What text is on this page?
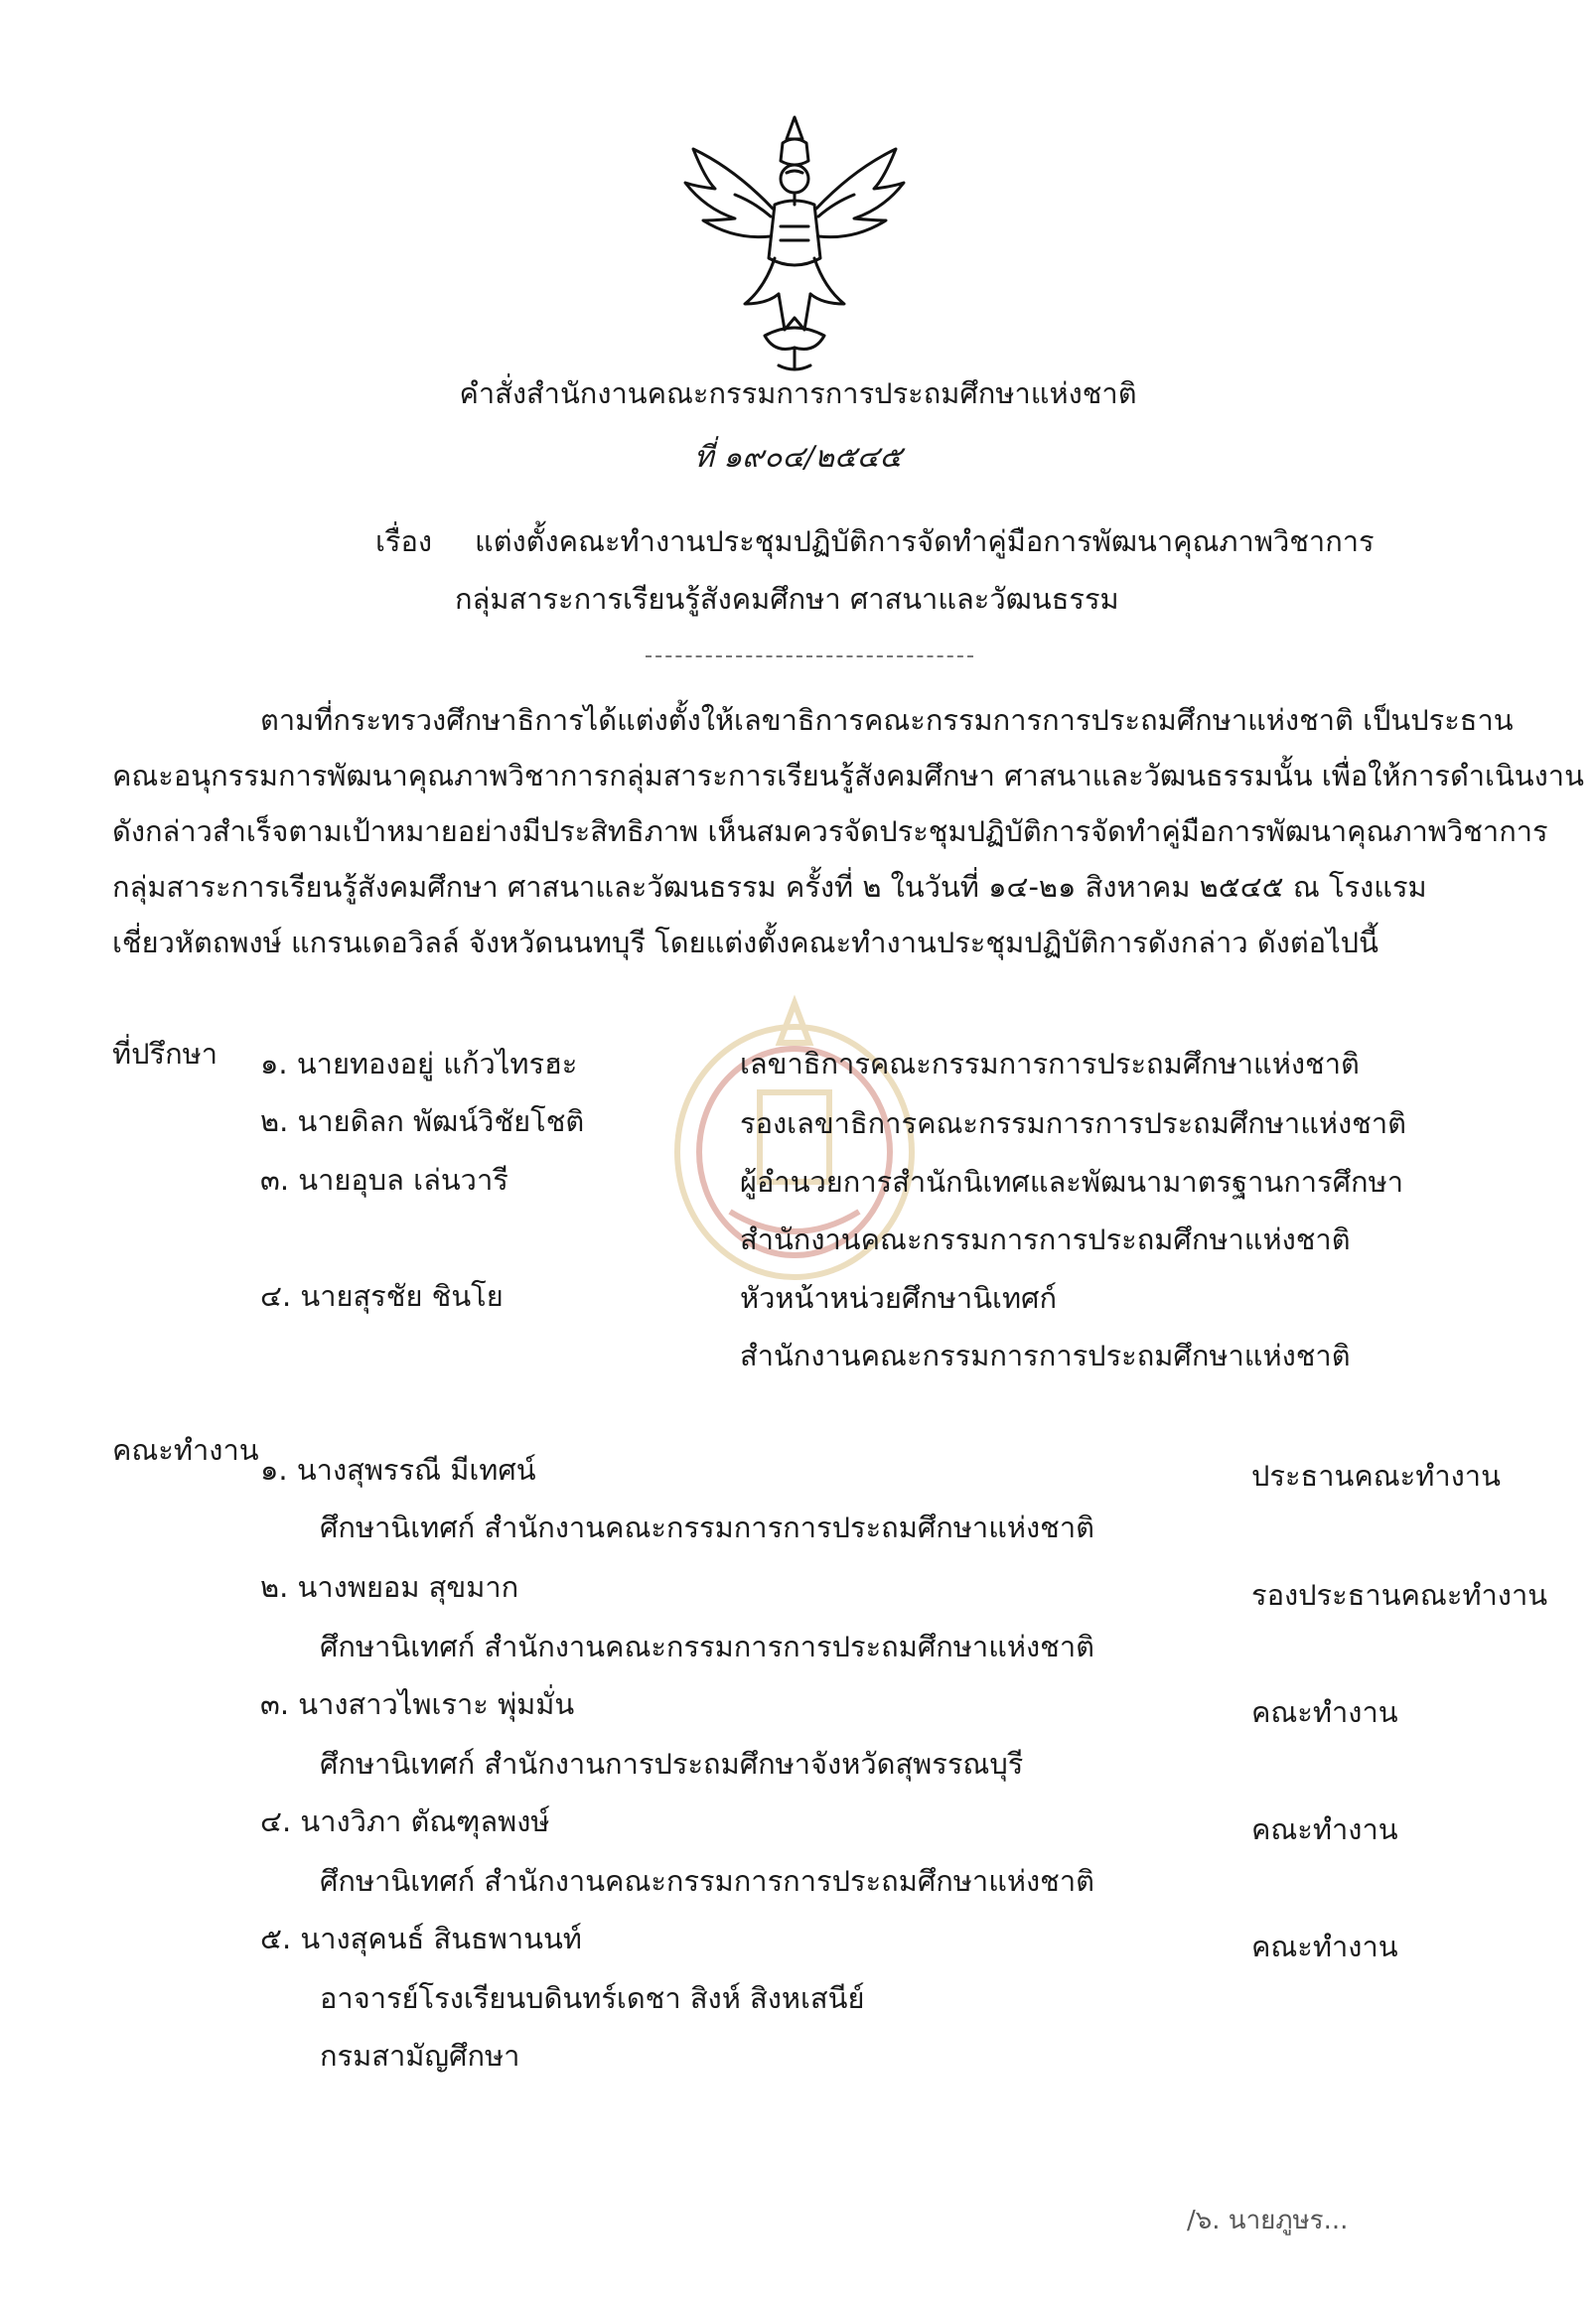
คำสั่งสำนักงานคณะกรรมการการประถมศึกษาแห่งชาติ
ที่ ๑๙๐๔/๒๕๔๕
เรื่อง แต่งตั้งคณะทำงานประชุมปฏิบัติการจัดทำคู่มือการพัฒนาคุณภาพวิชาการ
กลุ่มสาระการเรียนรู้สังคมศึกษา ศาสนาและวัฒนธรรม
ตามที่กระทรวงศึกษาธิการได้แต่งตั้งให้เลขาธิการคณะกรรมการการประถมศึกษาแห่งชาติ เป็นประธาน
คณะอนุกรรมการพัฒนาคุณภาพวิชาการกลุ่มสาระการเรียนรู้สังคมศึกษา ศาสนาและวัฒนธรรมนั้น เพื่อให้การดำเนินงาน
ดังกล่าวสำเร็จตามเป้าหมายอย่างมีประสิทธิภาพ เห็นสมควรจัดประชุมปฏิบัติการจัดทำคู่มือการพัฒนาคุณภาพวิชาการ
กลุ่มสาระการเรียนรู้สังคมศึกษา ศาสนาและวัฒนธรรม ครั้งที่ ๒ ในวันที่ ๑๔-๒๑ สิงหาคม ๒๕๔๕ ณ โรงแรม
เชี่ยวหัตถพงษ์ แกรนเดอวิลล์ จังหวัดนนทบุรี โดยแต่งตั้งคณะทำงานประชุมปฏิบัติการดังกล่าว ดังต่อไปนี้
ที่ปรึกษา ๑. นายทองอยู่ แก้วไทรฮะ	เลขาธิการคณะกรรมการการประถมศึกษาแห่งชาติ
๒. นายดิลก พัฒน์วิชัยโชติ	รองเลขาธิการคณะกรรมการการประถมศึกษาแห่งชาติ
๓. นายอุบล เล่นวารี	ผู้อำนวยการสำนักนิเทศและพัฒนามาตรฐานการศึกษา
สำนักงานคณะกรรมการการประถมศึกษาแห่งชาติ
๔. นายสุรชัย ชินโย	หัวหน้าหน่วยศึกษานิเทศก์
สำนักงานคณะกรรมการการประถมศึกษาแห่งชาติ
คณะทำงาน
๑. นางสุพรรณี มีเทศน์	ประธานคณะทำงาน
ศึกษานิเทศก์ สำนักงานคณะกรรมการการประถมศึกษาแห่งชาติ
๒. นางพยอม สุขมาก	รองประธานคณะทำงาน
ศึกษานิเทศก์ สำนักงานคณะกรรมการการประถมศึกษาแห่งชาติ
๓. นางสาวไพเราะ พุ่มมั่น	คณะทำงาน
ศึกษานิเทศก์ สำนักงานการประถมศึกษาจังหวัดสุพรรณบุรี
๔. นางวิภา ตัณฑุลพงษ์	คณะทำงาน
ศึกษานิเทศก์ สำนักงานคณะกรรมการการประถมศึกษาแห่งชาติ
๕. นางสุคนธ์ สินธพานนท์	คณะทำงาน
อาจารย์โรงเรียนบดินทร์เดชา สิงห์ สิงหเสนีย์
กรมสามัญศึกษา
/๖. นายภูษร...
